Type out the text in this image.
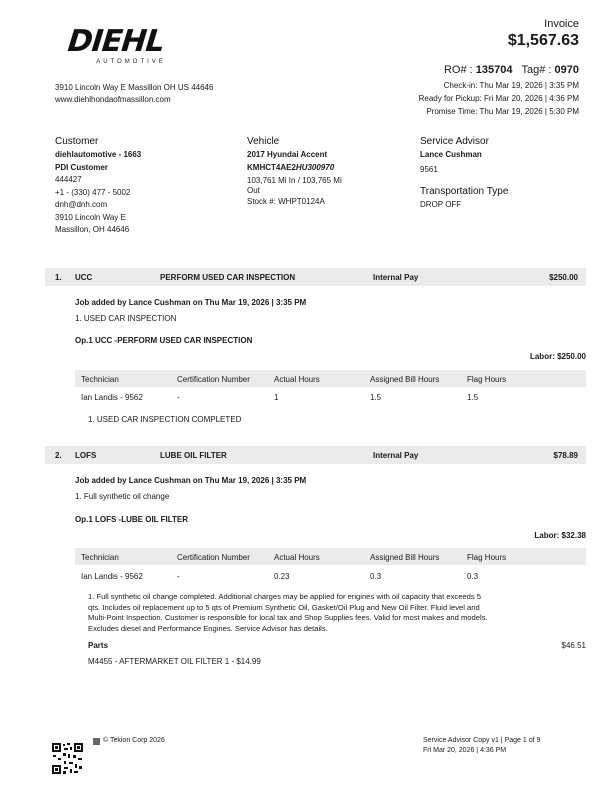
DIEHL
AUTOMOTIVE
3910 Lincoln Way E Massillon OH US 44646
www.diehlhondaofmassillon.com
Invoice
$1,567.63
RO# : 135704 Tag# : 0970
Check-in: Thu Mar 19, 2026 | 3:35 PM
Ready for Pickup: Fri Mar 20, 2026 | 4:36 PM
Promise Time: Thu Mar 19, 2026 | 5:30 PM
Customer
diehlautomotive - 1663
PDI Customer
444427
+1 - (330) 477 - 5002
dnh@dnh.com
3910 Lincoln Way E
Massillon, OH 44646
Vehicle
2017 Hyundai Accent
KMHCT4AE2HU300970
103,761 Mi In / 103,765 Mi
Out
Stock #: WHPT0124A
Service Advisor
Lance Cushman
9561
Transportation Type
DROP OFF
1. UCC	PERFORM USED CAR INSPECTION	Internal Pay	$250.00
Job added by Lance Cushman on Thu Mar 19, 2026 | 3:35 PM
1. USED CAR INSPECTION
Op.1 UCC -PERFORM USED CAR INSPECTION
Labor: $250.00
Technician	Certification Number	Actual Hours	Assigned Bill Hours	Flag Hours
Ian Landis - 9562	-	1	1.5	1.5
1. USED CAR INSPECTION COMPLETED
2. LOFS	LUBE OIL FILTER	Internal Pay	$78.89
Job added by Lance Cushman on Thu Mar 19, 2026 | 3:35 PM
1. Full synthetic oil change
Op.1 LOFS -LUBE OIL FILTER
Labor: $32.38
Technician	Certification Number	Actual Hours	Assigned Bill Hours	Flag Hours
Ian Landis - 9562	-	0.23	0.3	0.3
1. Full synthetic oil change completed. Additional charges may be applied for engines with oil capacity that exceeds 5
qts. Includes oil replacement up to 5 qts of Premium Synthetic Oil, Gasket/Oil Plug and New Oil Filter. Fluid level and
Multi-Point Inspection. Customer is responsible for local tax and Shop Supplies fees. Valid for most makes and models.
Excludes diesel and Performance Engines. Service Advisor has details.
Parts	$46.51
M4455 - AFTERMARKET OIL FILTER 1 - $14.99
© Tekion Corp 2026	Service Advisor Copy v1 | Page 1 of 9
Fri Mar 20, 2026 | 4:36 PM
